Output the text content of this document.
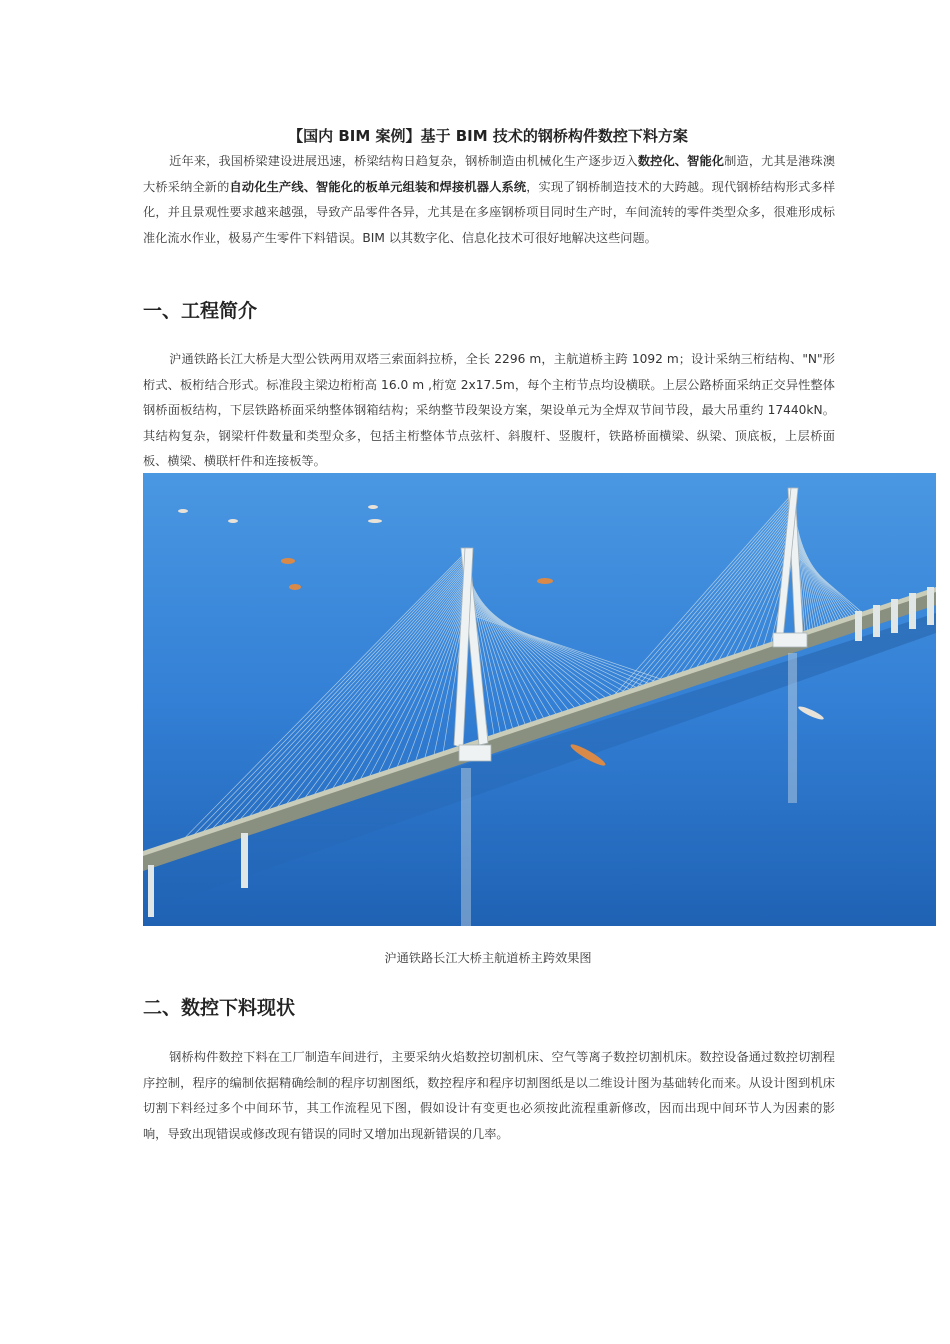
【国内 BIM 案例】基于 BIM 技术的钢桥构件数控下料方案

近年来，我国桥梁建设进展迅速，桥梁结构日趋复杂，钢桥制造由机械化生产逐步迈入数控化、智能化制造，尤其是港珠澳大桥采纳全新的自动化生产线、智能化的板单元组装和焊接机器人系统，实现了钢桥制造技术的大跨越。现代钢桥结构形式多样化，并且景观性要求越来越强，导致产品零件各异，尤其是在多座钢桥项目同时生产时，车间流转的零件类型众多，很难形成标准化流水作业，极易产生零件下料错误。BIM 以其数字化、信息化技术可很好地解决这些问题。

一、工程简介

沪通铁路长江大桥是大型公铁两用双塔三索面斜拉桥，全长 2296 m，主航道桥主跨 1092 m；设计采纳三桁结构、"N"形桁式、板桁结合形式。标准段主梁边桁桁高 16.0 m ,桁宽 2x17.5m，每个主桁节点均设横联。上层公路桥面采纳正交异性整体钢桥面板结构，下层铁路桥面采纳整体钢箱结构；采纳整节段架设方案，架设单元为全焊双节间节段，最大吊重约 17440kN。其结构复杂，钢梁杆件数量和类型众多，包括主桁整体节点弦杆、斜腹杆、竖腹杆，铁路桥面横梁、纵梁、顶底板，上层桥面板、横梁、横联杆件和连接板等。

沪通铁路长江大桥主航道桥主跨效果图
二、数控下料现状

钢桥构件数控下料在工厂制造车间进行，主要采纳火焰数控切割机床、空气等离子数控切割机床。数控设备通过数控切割程序控制，程序的编制依据精确绘制的程序切割图纸，数控程序和程序切割图纸是以二维设计图为基础转化而来。从设计图到机床切割下料经过多个中间环节，其工作流程见下图，假如设计有变更也必须按此流程重新修改，因而出现中间环节人为因素的影响，导致出现错误或修改现有错误的同时又增加出现新错误的几率。
